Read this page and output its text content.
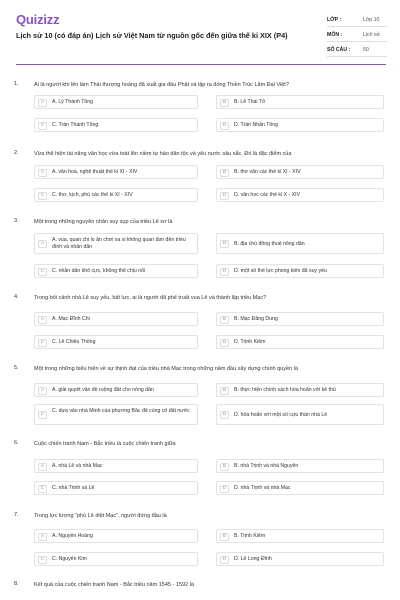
Quizizz
Lịch sử 10 (có đáp án) Lịch sử Việt Nam từ nguồn gốc đến giữa thế kỉ XIX (P4)
LỚP :	Lớp 10
MÔN :	Lịch sử
SỐ CÂU : 50
1.	Ai là người khi lên làm Thái thượng hoàng đã xuất gia đầu Phật và lập ra dòng Thiền Trúc Lâm Đại Việt?
A	A. Lý Thánh Tông	B	B. Lê Thái Tổ
C	C. Trần Thánh Tông	D	D. Trần Nhân Tông
2.	Vừa thể hiện tài năng văn học vừa toát lên niềm tự hào dân tộc và yêu nước sâu sắc. Đó là đặc điểm của
A	A. văn hoá, nghệ thuật thế kỉ XI - XIV	B	B. thơ văn các thế kỉ XI - XIV
C	C. thơ, kịch, phú các thế kỉ XI - XIV	D	D. văn học các thế kỉ X - XIV
3.	Một trong những nguyên nhân suy sụp của triều Lê sơ là
A
A. vua, quan chỉ lo ăn chơi xa xỉ không quan tâm đến triều đình và nhân dân
B	B. địa chủ đông thuế nông dân
C	C. nhân dân khổ cực, không thể chịu nổi	D	D. một số thế lực phong kiến đã suy yếu
4.	Trong bối cảnh nhà Lê suy yếu, bất lực, ai là người đã phế truất vua Lê và thành lập triều Mạc?
A	A. Mạc Đĩnh Chi	B	B. Mạc Đăng Dung
C	C. Lê Chiêu Thống	D	D. Trịnh Kiểm
5.	Một trong những biểu hiện về sự thịnh đạt của triều nhà Mạc trong những năm đầu xây dựng chính quyền là
A	A. giải quyết vấn đề ruộng đất cho nông dân	B	B. thực hiện chính sách hòa hoãn với kẻ thù
C
C. dựa vào nhà Minh của phương Bắc để củng cố đất nước
D	D. hòa hoãn với một số cựu thần nhà Lê
6.	Cuộc chiến tranh Nam - Bắc triều là cuộc chiến tranh giữa
A	A. nhà Lê và nhà Mạc	B	B. nhà Trịnh và nhà Nguyễn
C	C. nhà Trịnh và Lê	D	D. nhà Trịnh và nhà Mạc
7.	Trong lực lượng "phù Lê diệt Mạc", người đứng đầu là
A	A. Nguyễn Hoàng	B	B. Trịnh Kiểm
C	C. Nguyễn Kim	D	D. Lê Long Đĩnh
8.	Kết quả của cuộc chiến tranh Nam - Bắc triều năm 1545 - 1592 là
